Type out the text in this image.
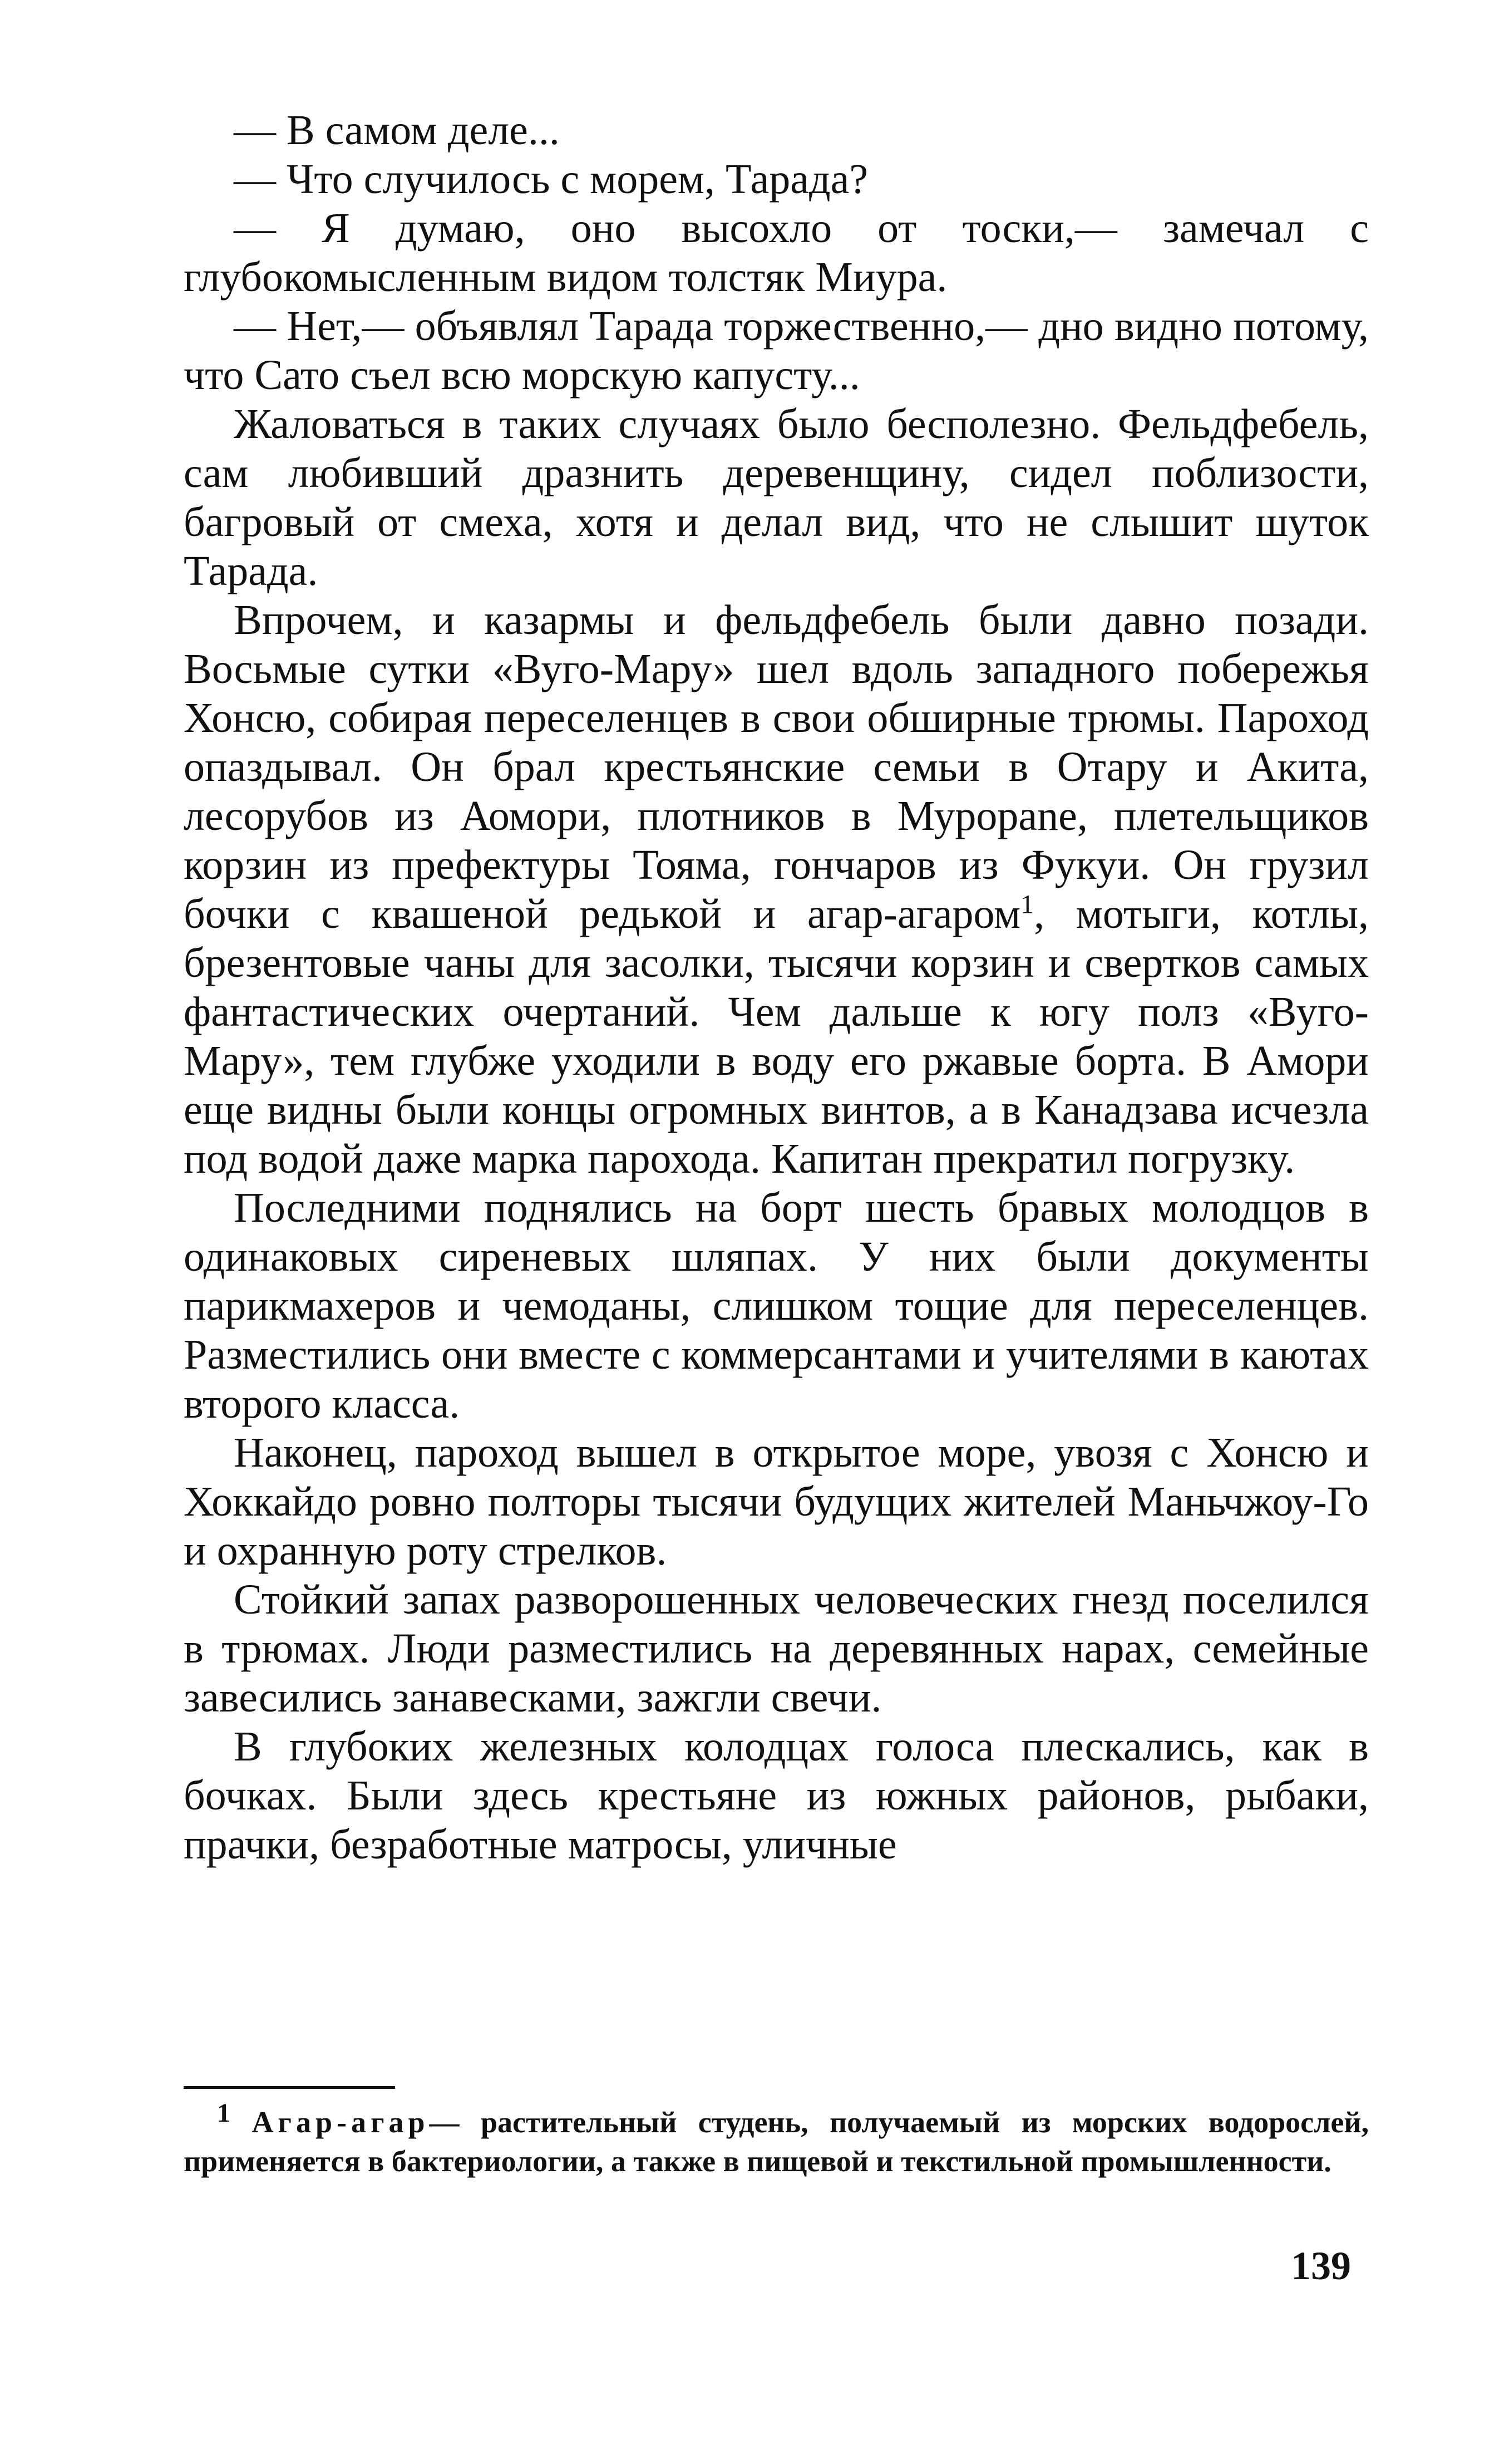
— В самом деле...

— Что случилось с морем, Тарада?

— Я думаю, оно высохло от тоски,— замечал с глубокомысленным видом толстяк Миура.

— Нет,— объявлял Тарада торжественно,— дно видно потому, что Сато съел всю морскую капусту...

Жаловаться в таких случаях было бесполезно. Фельдфебель, сам любивший дразнить деревенщину, сидел поблизости, багровый от смеха, хотя и делал вид, что не слышит шуток Тарада.

Впрочем, и казармы и фельдфебель были давно позади. Восьмые сутки «Вуго-Мару» шел вдоль западного побережья Хонсю, собирая переселенцев в свои обширные трюмы. Пароход опаздывал. Он брал крестьянские семьи в Отару и Акита, лесорубов из Аомори, плотников в Мурорane, плетельщиков корзин из префектуры Тояма, гончаров из Фукуи. Он грузил бочки с квашеной редькой и агар-агаром$^1$, мотыги, котлы, брезентовые чаны для засолки, тысячи корзин и свертков самых фантастических очертаний. Чем дальше к югу полз «Вуго-Мару», тем глубже уходили в воду его ржавые борта. В Амори еще видны были концы огромных винтов, а в Канадзава исчезла под водой даже марка парохода. Капитан прекратил погрузку.

Последними поднялись на борт шесть бравых молодцов в одинаковых сиреневых шляпах. У них были документы парикмахеров и чемоданы, слишком тощие для переселенцев. Разместились они вместе с коммерсантами и учителями в каютах второго класса.

Наконец, пароход вышел в открытое море, увозя с Хонсю и Хоккайдо ровно полторы тысячи будущих жителей Маньчжоу-Го и охранную роту стрелков.

Стойкий запах разворошенных человеческих гнезд поселился в трюмах. Люди разместились на деревянных нарах, семейные завесились занавесками, зажгли свечи.

В глубоких железных колодцах голоса плескались, как в бочках. Были здесь крестьяне из южных районов, рыбаки, прачки, безработные матросы, уличные

1 Агар-агар— растительный студень, получаемый из морских водорослей, применяется в бактериологии, а также в пищевой и текстильной промышленности.
139
